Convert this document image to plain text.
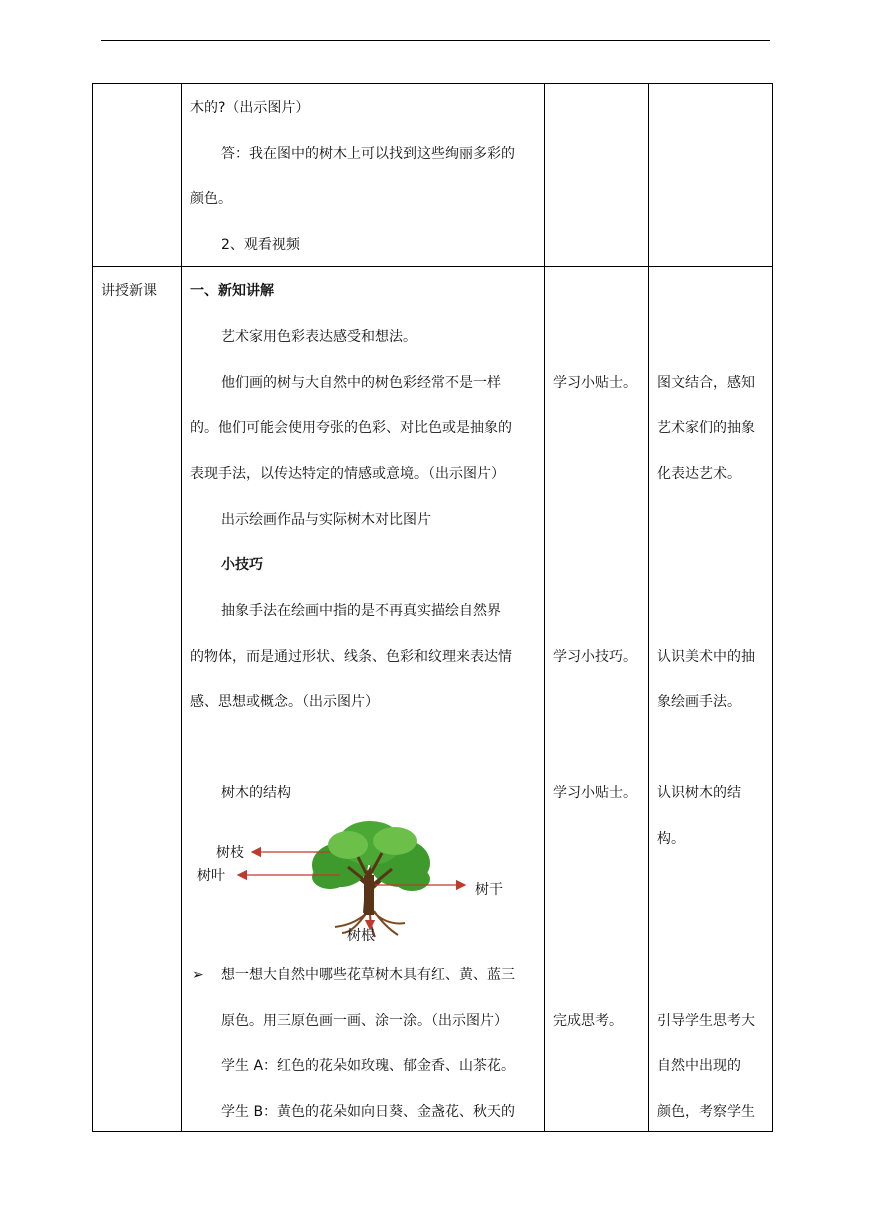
讲授新课
木的?（出示图片）
答：我在图中的树木上可以找到这些绚丽多彩的
颜色。
2、观看视频
一、新知讲解
艺术家用色彩表达感受和想法。
他们画的树与大自然中的树色彩经常不是一样
的。他们可能会使用夸张的色彩、对比色或是抽象的
表现手法，以传达特定的情感或意境。（出示图片）
出示绘画作品与实际树木对比图片
小技巧
抽象手法在绘画中指的是不再真实描绘自然界
的物体，而是通过形状、线条、色彩和纹理来表达情
感、思想或概念。（出示图片）
树木的结构
树枝
树叶
树干
树根
➢ 想一想大自然中哪些花草树木具有红、黄、蓝三
原色。用三原色画一画、涂一涂。（出示图片）
学生 A：红色的花朵如玫瑰、郁金香、山茶花。
学生 B：黄色的花朵如向日葵、金盏花、秋天的
学习小贴士。
学习小技巧。
学习小贴士。
完成思考。
图文结合，感知
艺术家们的抽象
化表达艺术。
认识美术中的抽
象绘画手法。
认识树木的结
构。
引导学生思考大
自然中出现的
颜色，考察学生
